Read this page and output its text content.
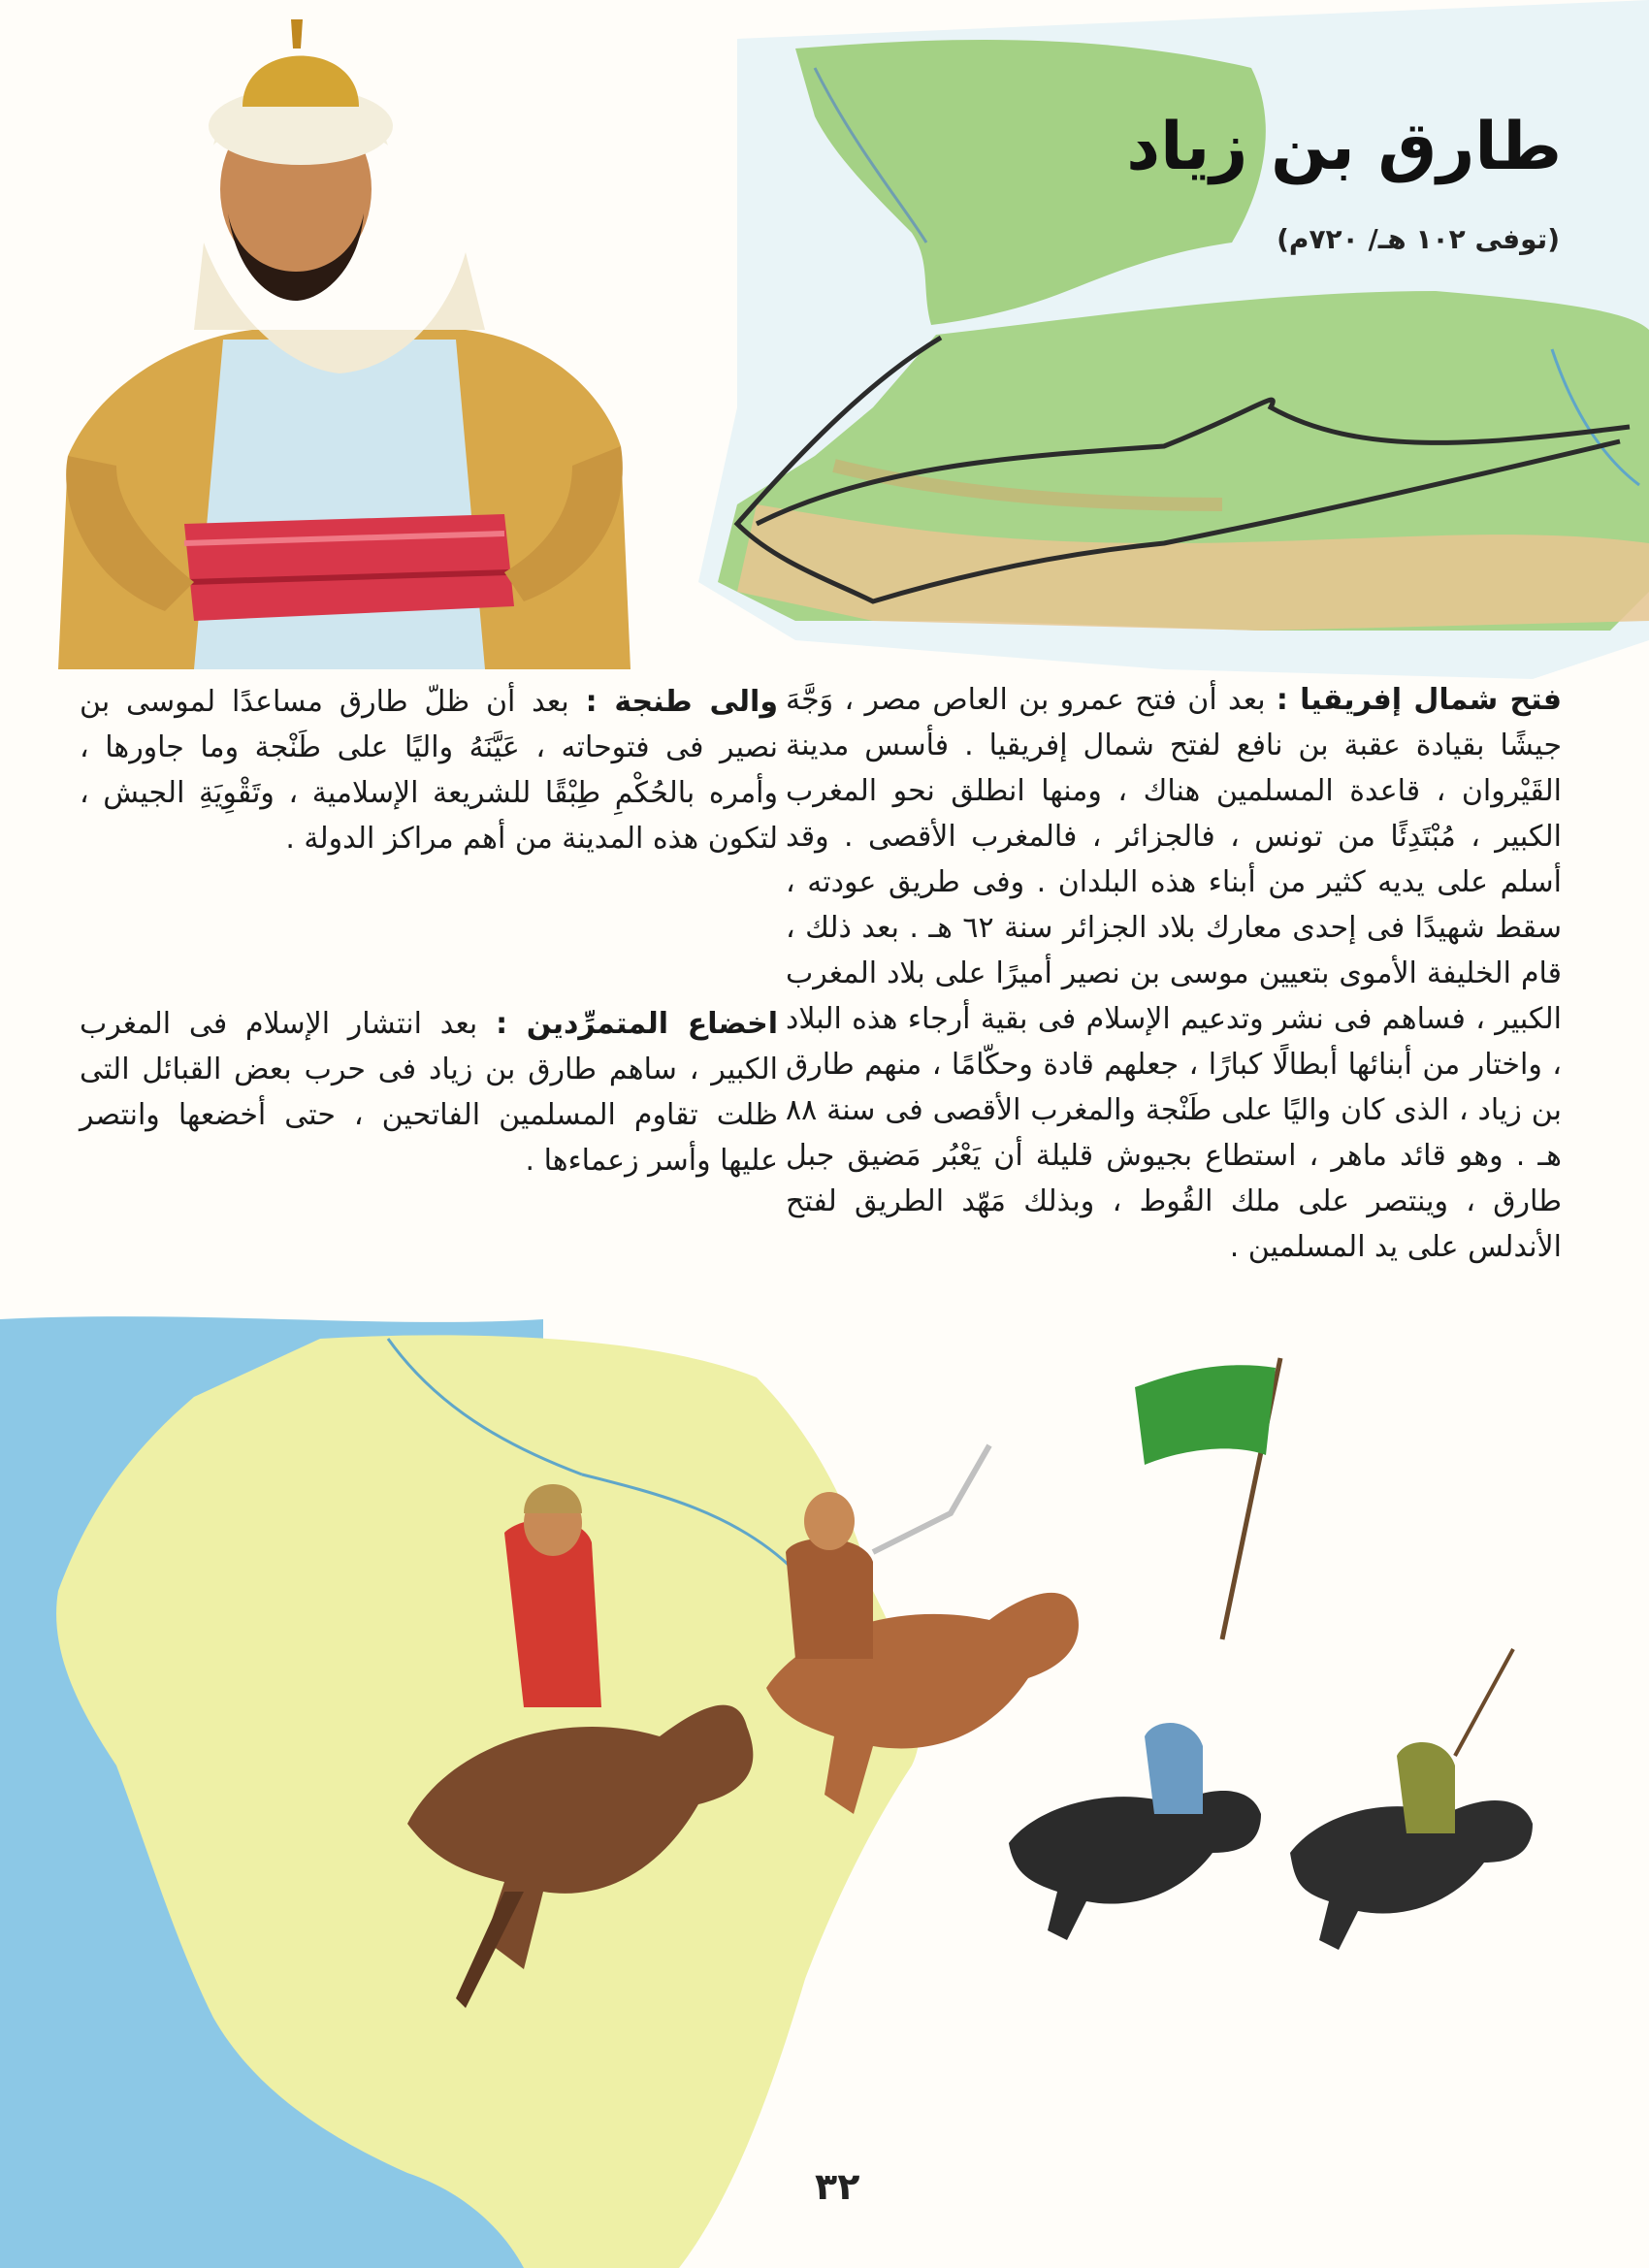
طارق بن زياد

(توفى ١٠٢ هـ/ ٧٢٠م)

فتح شمال إفريقيا : بعد أن فتح عمرو بن العاص مصر ، وَجَّهَ جيشًا بقيادة عقبة بن نافع لفتح شمال إفريقيا . فأسس مدينة القَيْروان ، قاعدة المسلمين هناك ، ومنها انطلق نحو المغرب الكبير ، مُبْتَدِئًا من تونس ، فالجزائر ، فالمغرب الأقصى . وقد أسلم على يديه كثير من أبناء هذه البلدان . وفى طريق عودته ، سقط شهيدًا فى إحدى معارك بلاد الجزائر سنة ٦٢ هـ . بعد ذلك ، قام الخليفة الأموى بتعيين موسى بن نصير أميرًا على بلاد المغرب الكبير ، فساهم فى نشر وتدعيم الإسلام فى بقية أرجاء هذه البلاد ، واختار من أبنائها أبطالًا كبارًا ، جعلهم قادة وحكّامًا ، منهم طارق بن زياد ، الذى كان واليًا على طَنْجة والمغرب الأقصى فى سنة ٨٨ هـ . وهو قائد ماهر ، استطاع بجيوش قليلة أن يَعْبُر مَضيق جبل طارق ، وينتصر على ملك القُوط ، وبذلك مَهّد الطريق لفتح الأندلس على يد المسلمين .
والى طنجة : بعد أن ظلّ طارق مساعدًا لموسى بن نصير فى فتوحاته ، عَيَّنَهُ واليًا على طَنْجة وما جاورها ، وأمره بالحُكْمِ طِبْقًا للشريعة الإسلامية ، وتَقْوِيَةِ الجيش ، لتكون هذه المدينة من أهم مراكز الدولة .
اخضاع المتمرِّدين : بعد انتشار الإسلام فى المغرب الكبير ، ساهم طارق بن زياد فى حرب بعض القبائل التى ظلت تقاوم المسلمين الفاتحين ، حتى أخضعها وانتصر عليها وأسر زعماءها .

٣٢
